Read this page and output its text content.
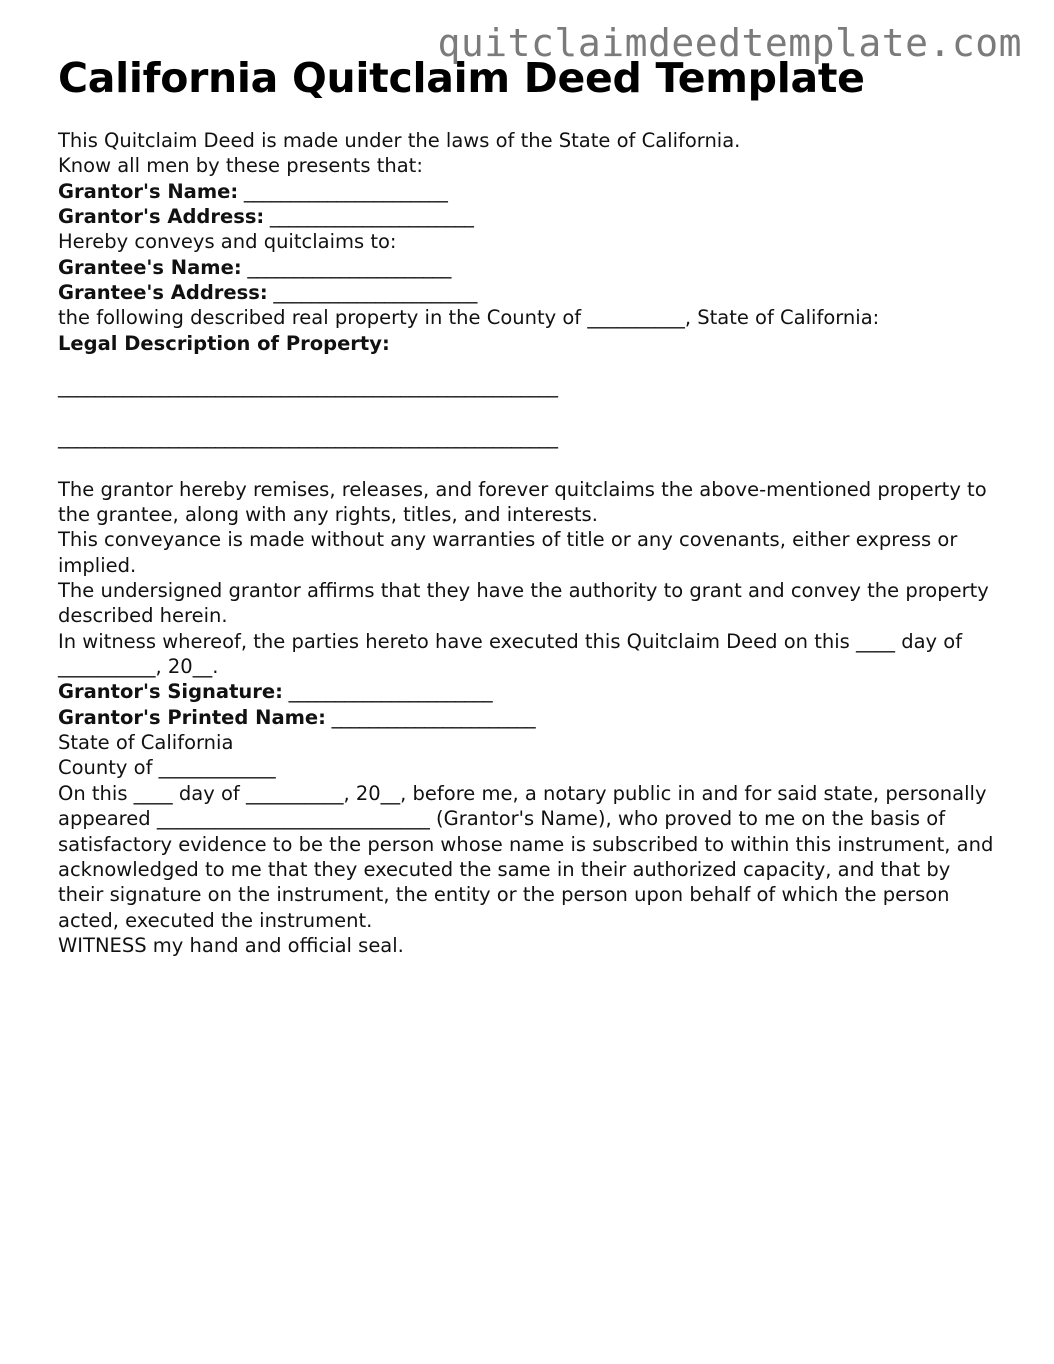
quitclaimdeedtemplate.com
California Quitclaim Deed Template

This Quitclaim Deed is made under the laws of the State of California.

Know all men by these presents that:

Grantor's Name: ______________________

Grantor's Address: ______________________

Hereby conveys and quitclaims to:

Grantee's Name: ______________________

Grantee's Address: ______________________

the following described real property in the County of __________, State of California:

Legal Description of Property:

______________________________________________________
______________________________________________________

The grantor hereby remises, releases, and forever quitclaims the above-mentioned property to the grantee, along with any rights, titles, and interests.

This conveyance is made without any warranties of title or any covenants, either express or implied.

The undersigned grantor affirms that they have the authority to grant and convey the property described herein.

In witness whereof, the parties hereto have executed this Quitclaim Deed on this ____ day of __________, 20__.

Grantor's Signature: ______________________

Grantor's Printed Name: ______________________

State of California

County of ____________

On this ____ day of __________, 20__, before me, a notary public in and for said state, personally appeared ____________________________ (Grantor's Name), who proved to me on the basis of satisfactory evidence to be the person whose name is subscribed to within this instrument, and acknowledged to me that they executed the same in their authorized capacity, and that by their signature on the instrument, the entity or the person upon behalf of which the person acted, executed the instrument.

WITNESS my hand and official seal.
